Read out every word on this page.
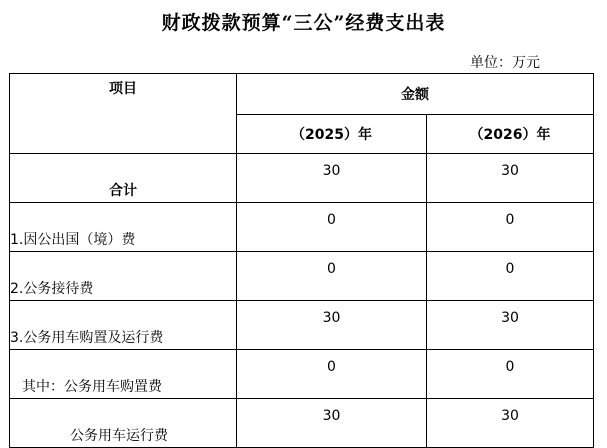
财政拨款预算“三公”经费支出表
单位：万元
项目	金额	
	（2025）年	（2026）年
合计	30	30
1.因公出国（境）费	0	0
2.公务接待费	0	0
3.公务用车购置及运行费	30	30
其中：公务用车购置费	0	0
公务用车运行费	30	30
